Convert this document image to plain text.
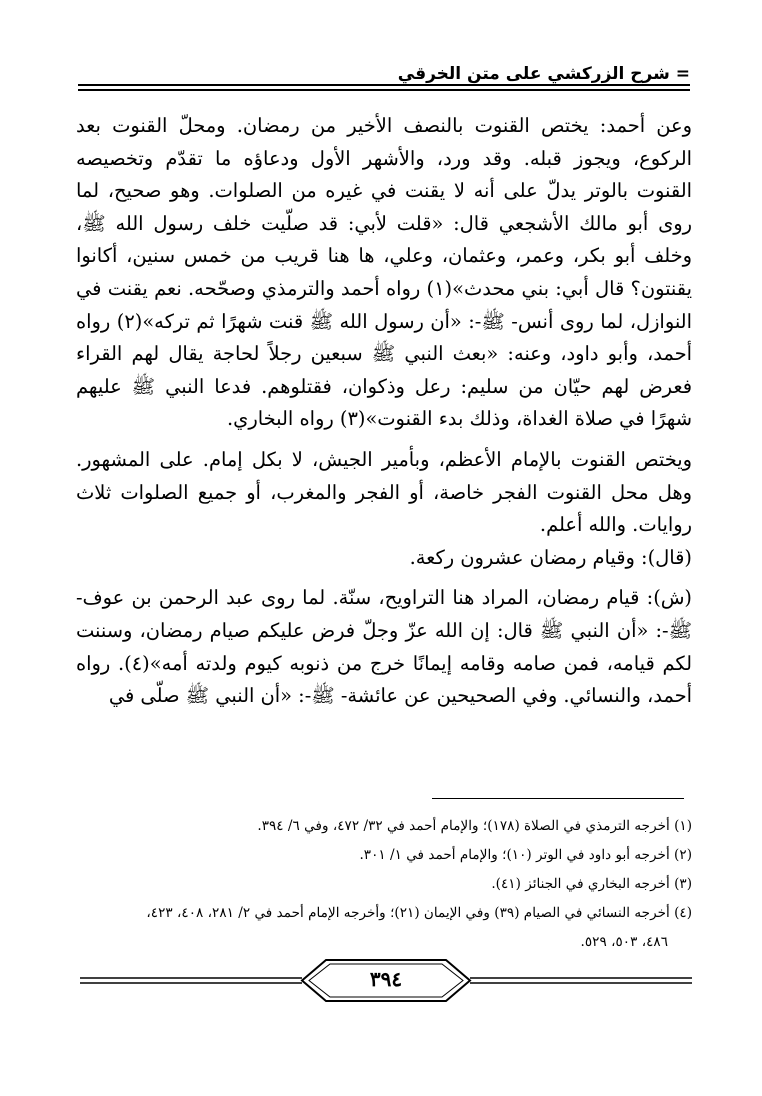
= شرح الزركشي على متن الخرقي

وعن أحمد: يختص القنوت بالنصف الأخير من رمضان. ومحلّ القنوت بعد الركوع، ويجوز قبله. وقد ورد، والأشهر الأول ودعاؤه ما تقدّم وتخصيصه القنوت بالوتر يدلّ على أنه لا يقنت في غيره من الصلوات. وهو صحيح، لما روى أبو مالك الأشجعي قال: «قلت لأبي: قد صلّيت خلف رسول الله ﷺ، وخلف أبو بكر، وعمر، وعثمان، وعلي، ها هنا قريب من خمس سنين، أكانوا يقنتون؟ قال أبي: بني محدث»(١) رواه أحمد والترمذي وصحّحه. نعم يقنت في النوازل، لما روى أنس- ﷺ-: «أن رسول الله ﷺ قنت شهرًا ثم تركه»(٢) رواه أحمد، وأبو داود، وعنه: «بعث النبي ﷺ سبعين رجلاً لحاجة يقال لهم القراء فعرض لهم حيّان من سليم: رعل وذكوان، فقتلوهم. فدعا النبي ﷺ عليهم شهرًا في صلاة الغداة، وذلك بدء القنوت»(٣) رواه البخاري.

ويختص القنوت بالإمام الأعظم، وبأمير الجيش، لا بكل إمام. على المشهور. وهل محل القنوت الفجر خاصة، أو الفجر والمغرب، أو جميع الصلوات ثلاث روايات. والله أعلم.

(قال): وقيام رمضان عشرون ركعة.

(ش): قيام رمضان، المراد هنا التراويح، سنّة. لما روى عبد الرحمن بن عوف- ﷺ-: «أن النبي ﷺ قال: إن الله عزّ وجلّ فرض عليكم صيام رمضان، وسننت لكم قيامه، فمن صامه وقامه إيمانًا خرج من ذنوبه كيوم ولدته أمه»(٤). رواه أحمد، والنسائي. وفي الصحيحين عن عائشة- ﷺ-: «أن النبي ﷺ صلّى في

(١) أخرجه الترمذي في الصلاة (١٧٨)؛ والإمام أحمد في ٣٢/ ٤٧٢، وفي ٦/ ٣٩٤.

(٢) أخرجه أبو داود في الوتر (١٠)؛ والإمام أحمد في ١/ ٣٠١.

(٣) أخرجه البخاري في الجنائز (٤١).

(٤) أخرجه النسائي في الصيام (٣٩) وفي الإيمان (٢١)؛ وأخرجه الإمام أحمد في ٢/ ٢٨١، ٤٠٨، ٤٢٣،

٤٨٦، ٥٠٣، ٥٢٩.

٣٩٤
